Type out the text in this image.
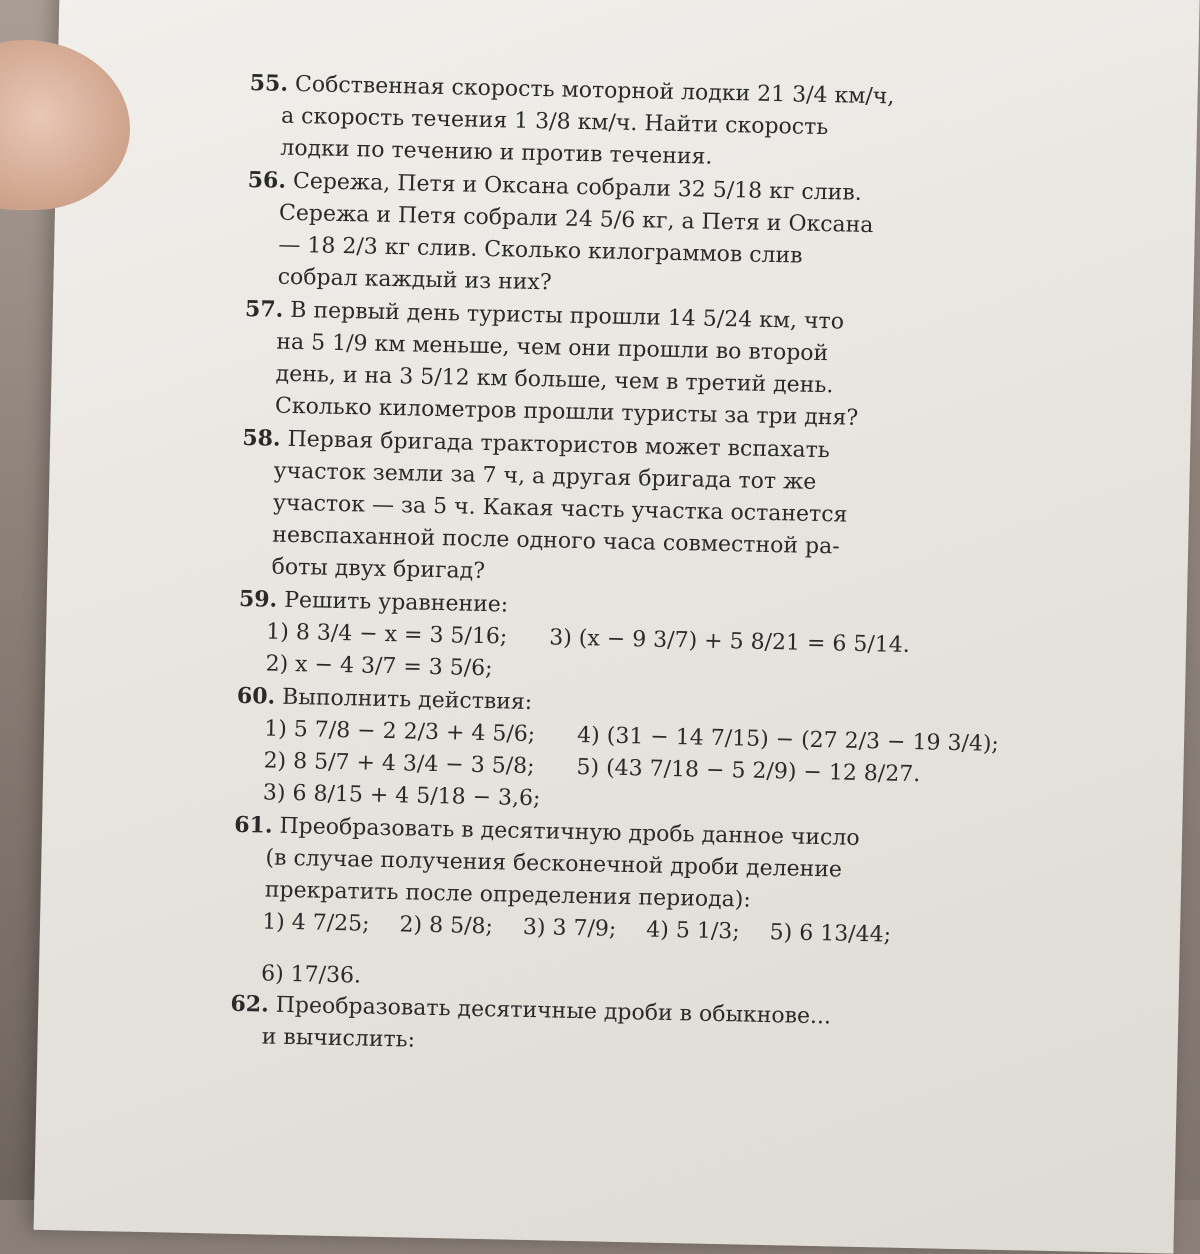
55. Собственная скорость моторной лодки 21 3/4 км/ч,
а скорость течения 1 3/8 км/ч. Найти скорость
лодки по течению и против течения.
56. Сережа, Петя и Оксана собрали 32 5/18 кг слив.
Сережа и Петя собрали 24 5/6 кг, а Петя и Оксана
— 18 2/3 кг слив. Сколько килограммов слив
собрал каждый из них?
57. В первый день туристы прошли 14 5/24 км, что
на 5 1/9 км меньше, чем они прошли во второй
день, и на 3 5/12 км больше, чем в третий день.
Сколько километров прошли туристы за три дня?
58. Первая бригада трактористов может вспахать
участок земли за 7 ч, а другая бригада тот же
участок — за 5 ч. Какая часть участка останется
невспаханной после одного часа совместной ра-
боты двух бригад?
59. Решить уравнение:
1) 8 3/4 − x = 3 5/16; 3) (x − 9 3/7) + 5 8/21 = 6 5/14.
2) x − 4 3/7 = 3 5/6;
60. Выполнить действия:
1) 5 7/8 − 2 2/3 + 4 5/6; 4) (31 − 14 7/15) − (27 2/3 − 19 3/4);
2) 8 5/7 + 4 3/4 − 3 5/8; 5) (43 7/18 − 5 2/9) − 12 8/27.
3) 6 8/15 + 4 5/18 − 3,6;
61. Преобразовать в десятичную дробь данное число
(в случае получения бесконечной дроби деление
прекратить после определения периода):
1) 4 7/25; 2) 8 5/8; 3) 3 7/9; 4) 5 1/3; 5) 6 13/44;
6) 17/36.
62. Преобразовать десятичные дроби в обыкнове...
и вычислить:
